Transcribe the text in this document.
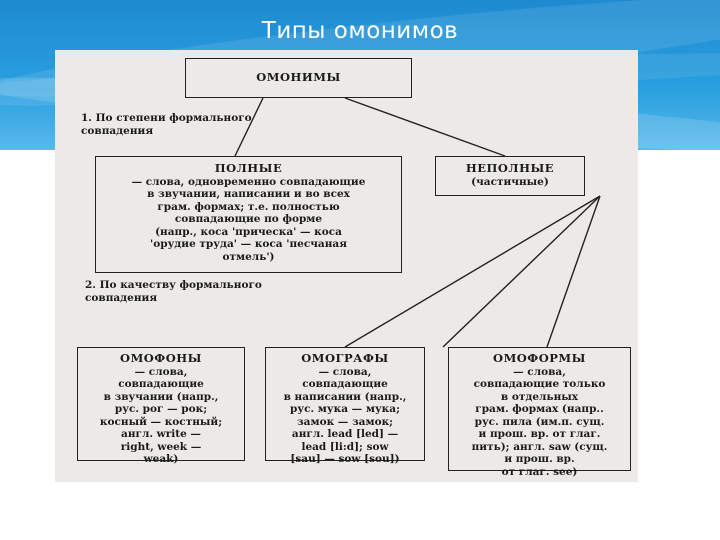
Типы омонимов
ОМОНИМЫ
1. По степени формального
совпадения
ПОЛНЫЕ
— слова, одновременно совпадающие
в звучании, написании и во всех
грам. формах; т.е. полностью
совпадающие по форме
(напр., коса 'прическа' — коса
'орудие труда' — коса 'песчаная
отмель')
НЕПОЛНЫЕ
(частичные)
2. По качеству формального
совпадения
ОМОФОНЫ
— слова,
совпадающие
в звучании (напр.,
рус. рог — рок;
косный — костный;
англ. write —
right, week —
weak)
ОМОГРАФЫ
— слова,
совпадающие
в написании (напр.,
рус. мука — мука;
замок — замок;
англ. lead [led] —
lead [li:d]; sow
[sau] — sow [sou])
ОМОФОРМЫ
— слова,
совпадающие только
в отдельных
грам. формах (напр..
рус. пила (им.п. сущ.
и прош. вр. от глаг.
пить); англ. saw (сущ.
и прош. вр.
от глаг. see)
